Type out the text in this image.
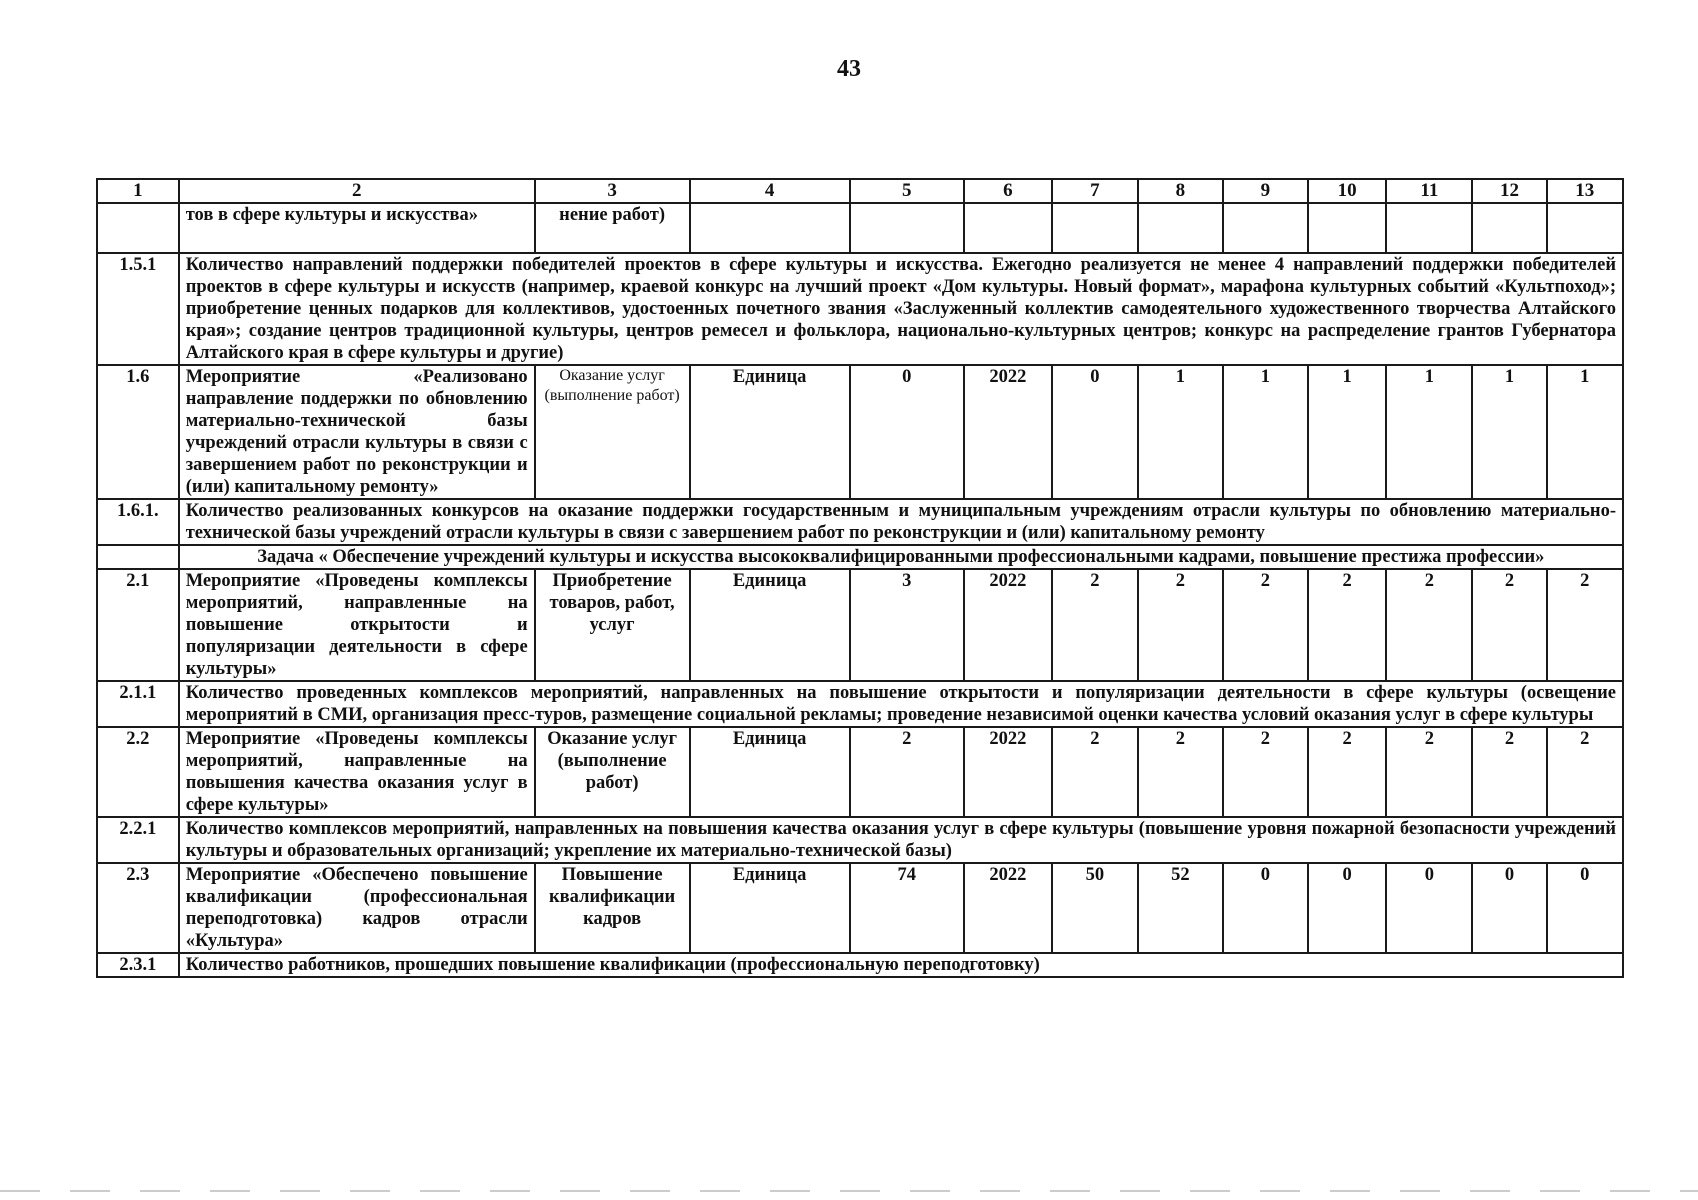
43
1	2	3	4	5	6	7	8	9	10	11	12	13
	тов в сфере культуры и искусства»	нение работ)										
1.5.1	Количество направлений поддержки победителей проектов в сфере культуры и искусства. Ежегодно реализуется не менее 4 направлений поддержки победителей проектов в сфере культуры и искусств (например, краевой конкурс на лучший проект «Дом культуры. Новый формат», марафона культурных событий «Культпоход»; приобретение ценных подарков для коллективов, удостоенных почетного звания «Заслуженный коллектив самодеятельного художественного творчества Алтайского края»; создание центров традиционной культуры, центров ремесел и фольклора, национально-культурных центров; конкурс на распределение грантов Губернатора Алтайского края в сфере культуры и другие)											
1.6	Мероприятие «Реализовано направление поддержки по обновлению материально-технической базы учреждений отрасли культуры в связи с завершением работ по реконструкции и (или) капитальному ремонту»	Оказание услуг (выполнение работ)	Единица	0	2022	0	1	1	1	1	1	1
1.6.1.	Количество реализованных конкурсов на оказание поддержки государственным и муниципальным учреждениям отрасли культуры по обновлению материально-технической базы учреждений отрасли культуры в связи с завершением работ по реконструкции и (или) капитальному ремонту											
	Задача « Обеспечение учреждений культуры и искусства высококвалифицированными профессиональными кадрами, повышение престижа профессии»											
2.1	Мероприятие «Проведены комплексы мероприятий, направленные на повышение открытости и популяризации деятельности в сфере культуры»	Приобретение товаров, работ, услуг	Единица	3	2022	2	2	2	2	2	2	2
2.1.1	Количество проведенных комплексов мероприятий, направленных на повышение открытости и популяризации деятельности в сфере культуры (освещение мероприятий в СМИ, организация пресс-туров, размещение социальной рекламы; проведение независимой оценки качества условий оказания услуг в сфере культуры											
2.2	Мероприятие «Проведены комплексы мероприятий, направленные на повышения качества оказания услуг в сфере культуры»	Оказание услуг (выполнение работ)	Единица	2	2022	2	2	2	2	2	2	2
2.2.1	Количество комплексов мероприятий, направленных на повышения качества оказания услуг в сфере культуры (повышение уровня пожарной безопасности учреждений культуры и образовательных организаций; укрепление их материально-технической базы)											
2.3	Мероприятие «Обеспечено повышение квалификации (профессиональная переподготовка) кадров отрасли «Культура»	Повышение квалификации кадров	Единица	74	2022	50	52	0	0	0	0	0
2.3.1	Количество работников, прошедших повышение квалификации (профессиональную переподготовку)											
